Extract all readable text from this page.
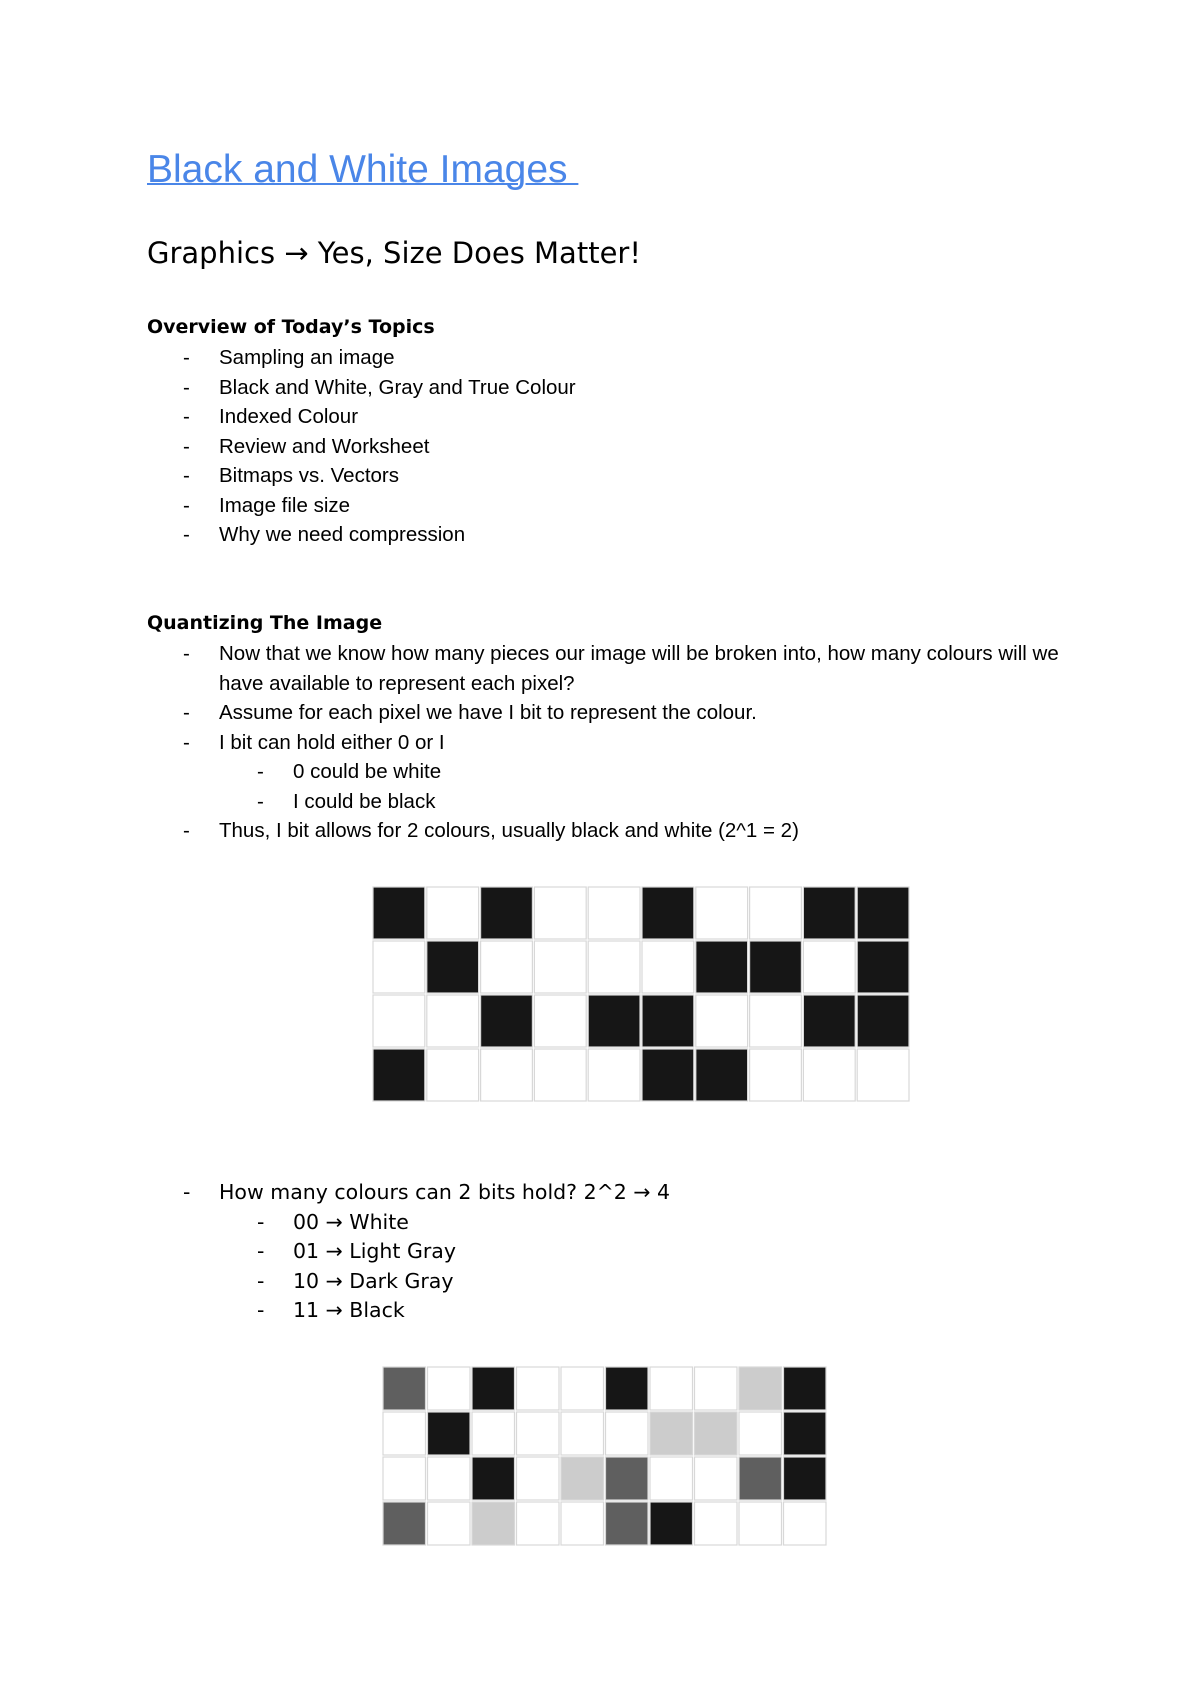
Black and White Images
Graphics → Yes, Size Does Matter!
Overview of Today’s Topics
- Sampling an image
- Black and White, Gray and True Colour
- Indexed Colour
- Review and Worksheet
- Bitmaps vs. Vectors
- Image file size
- Why we need compression
Quantizing The Image
- Now that we know how many pieces our image will be broken into, how many colours will we have available to represent each pixel?
- Assume for each pixel we have I bit to represent the colour.
- I bit can hold either 0 or I
- 0 could be white
- I could be black
- Thus, I bit allows for 2 colours, usually black and white (2^1 = 2)
- How many colours can 2 bits hold? 2^2 → 4
- 00 → White
- 01 → Light Gray
- 10 → Dark Gray
- 11 → Black
